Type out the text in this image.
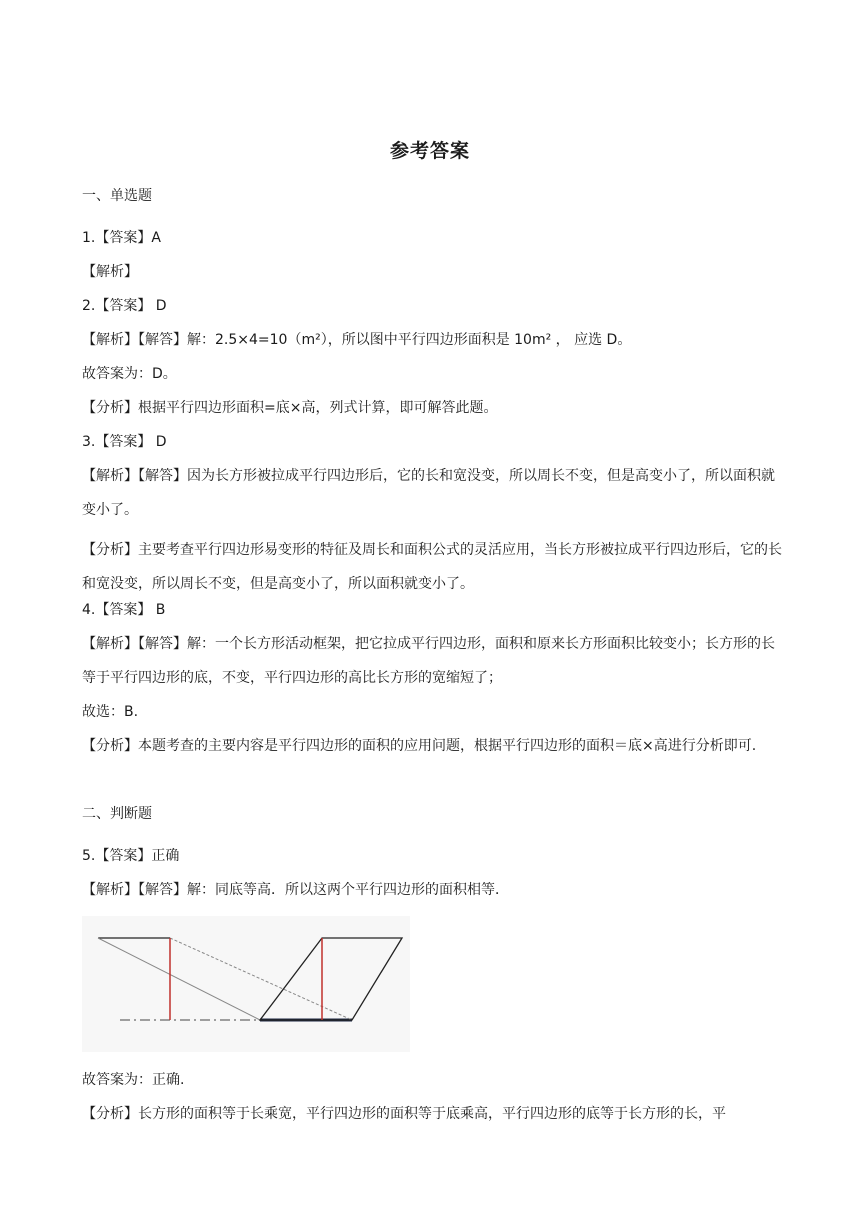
参考答案
一、单选题
1.【答案】A
【解析】
2.【答案】 D
【解析】【解答】解：2.5×4=10（m²），所以图中平行四边形面积是 10m² ， 应选 D。
故答案为：D。
【分析】根据平行四边形面积=底×高，列式计算，即可解答此题。
3.【答案】 D
【解析】【解答】因为长方形被拉成平行四边形后，它的长和宽没变，所以周长不变，但是高变小了，所以面积就变小了。
【分析】主要考查平行四边形易变形的特征及周长和面积公式的灵活应用，当长方形被拉成平行四边形后，它的长和宽没变，所以周长不变，但是高变小了，所以面积就变小了。
4.【答案】 B
【解析】【解答】解：一个长方形活动框架，把它拉成平行四边形，面积和原来长方形面积比较变小；长方形的长等于平行四边形的底，不变，平行四边形的高比长方形的宽缩短了；
故选：B.
【分析】本题考查的主要内容是平行四边形的面积的应用问题，根据平行四边形的面积＝底×高进行分析即可.
二、判断题
5.【答案】正确
【解析】【解答】解：同底等高．所以这两个平行四边形的面积相等．
故答案为：正确.
【分析】长方形的面积等于长乘宽，平行四边形的面积等于底乘高，平行四边形的底等于长方形的长，平
